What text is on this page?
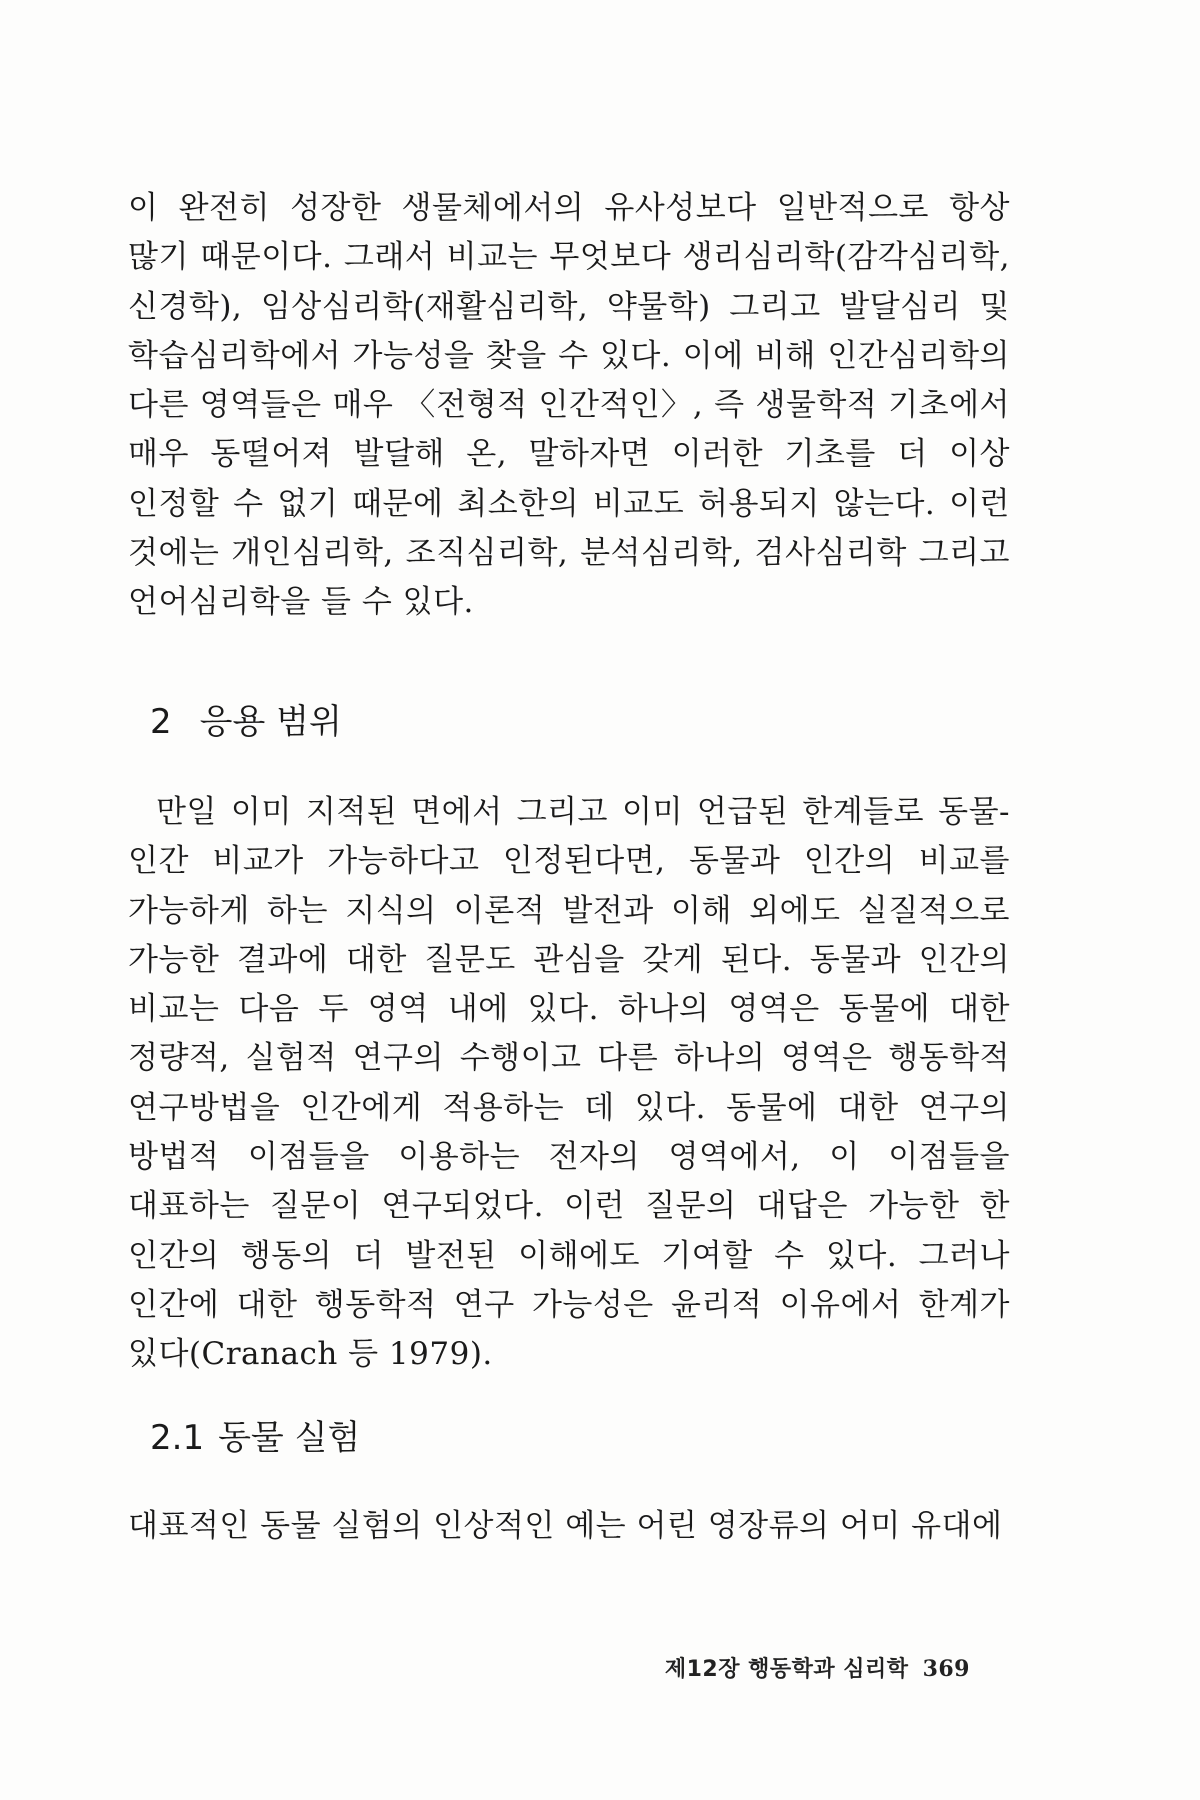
이 완전히 성장한 생물체에서의 유사성보다 일반적으로 항상 많기 때문이다. 그래서 비교는 무엇보다 생리심리학(감각심리학, 신경학), 임상심리학(재활심리학, 약물학) 그리고 발달심리 및 학습심리학에서 가능성을 찾을 수 있다. 이에 비해 인간심리학의 다른 영역들은 매우 〈전형적 인간적인〉, 즉 생물학적 기초에서 매우 동떨어져 발달해 온, 말하자면 이러한 기초를 더 이상 인정할 수 없기 때문에 최소한의 비교도 허용되지 않는다. 이런 것에는 개인심리학, 조직심리학, 분석심리학, 검사심리학 그리고 언어심리학을 들 수 있다.

2 응용 범위

만일 이미 지적된 면에서 그리고 이미 언급된 한계들로 동물-인간 비교가 가능하다고 인정된다면, 동물과 인간의 비교를 가능하게 하는 지식의 이론적 발전과 이해 외에도 실질적으로 가능한 결과에 대한 질문도 관심을 갖게 된다. 동물과 인간의 비교는 다음 두 영역 내에 있다. 하나의 영역은 동물에 대한 정량적, 실험적 연구의 수행이고 다른 하나의 영역은 행동학적 연구방법을 인간에게 적용하는 데 있다. 동물에 대한 연구의 방법적 이점들을 이용하는 전자의 영역에서, 이 이점들을 대표하는 질문이 연구되었다. 이런 질문의 대답은 가능한 한 인간의 행동의 더 발전된 이해에도 기여할 수 있다. 그러나 인간에 대한 행동학적 연구 가능성은 윤리적 이유에서 한계가 있다(Cranach 등 1979).

2.1 동물 실험

대표적인 동물 실험의 인상적인 예는 어린 영장류의 어미 유대에

제12장 행동학과 심리학 369
